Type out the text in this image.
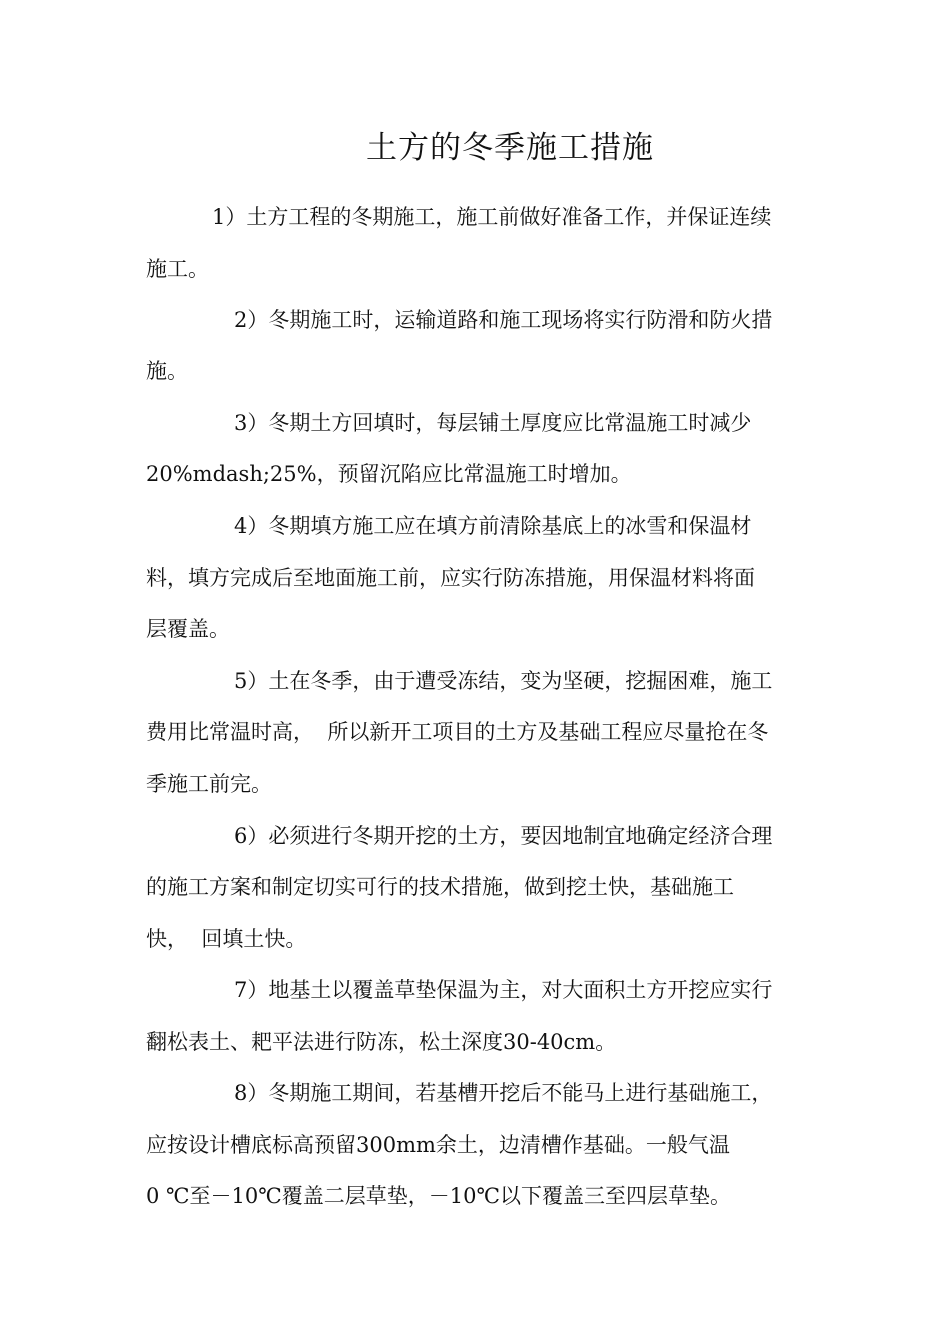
土方的冬季施工措施
1）土方工程的冬期施工，施工前做好准备工作，并保证连续
施工。
2）冬期施工时，运输道路和施工现场将实行防滑和防火措
施。
3）冬期土方回填时，每层铺土厚度应比常温施工时减少
20%mdash;25%，预留沉陷应比常温施工时增加。
4）冬期填方施工应在填方前清除基底上的冰雪和保温材
料，填方完成后至地面施工前，应实行防冻措施，用保温材料将面
层覆盖。
5）土在冬季，由于遭受冻结，变为坚硬，挖掘困难，施工
费用比常温时高，  所以新开工项目的土方及基础工程应尽量抢在冬
季施工前完。
6）必须进行冬期开挖的土方，要因地制宜地确定经济合理
的施工方案和制定切实可行的技术措施，做到挖土快，基础施工
快，  回填土快。
7）地基土以覆盖草垫保温为主，对大面积土方开挖应实行
翻松表土、耙平法进行防冻，松土深度30-40cm。
8）冬期施工期间，若基槽开挖后不能马上进行基础施工，
应按设计槽底标高预留300mm余土，边清槽作基础。一般气温
0 ℃至－10℃覆盖二层草垫，－10℃以下覆盖三至四层草垫。
